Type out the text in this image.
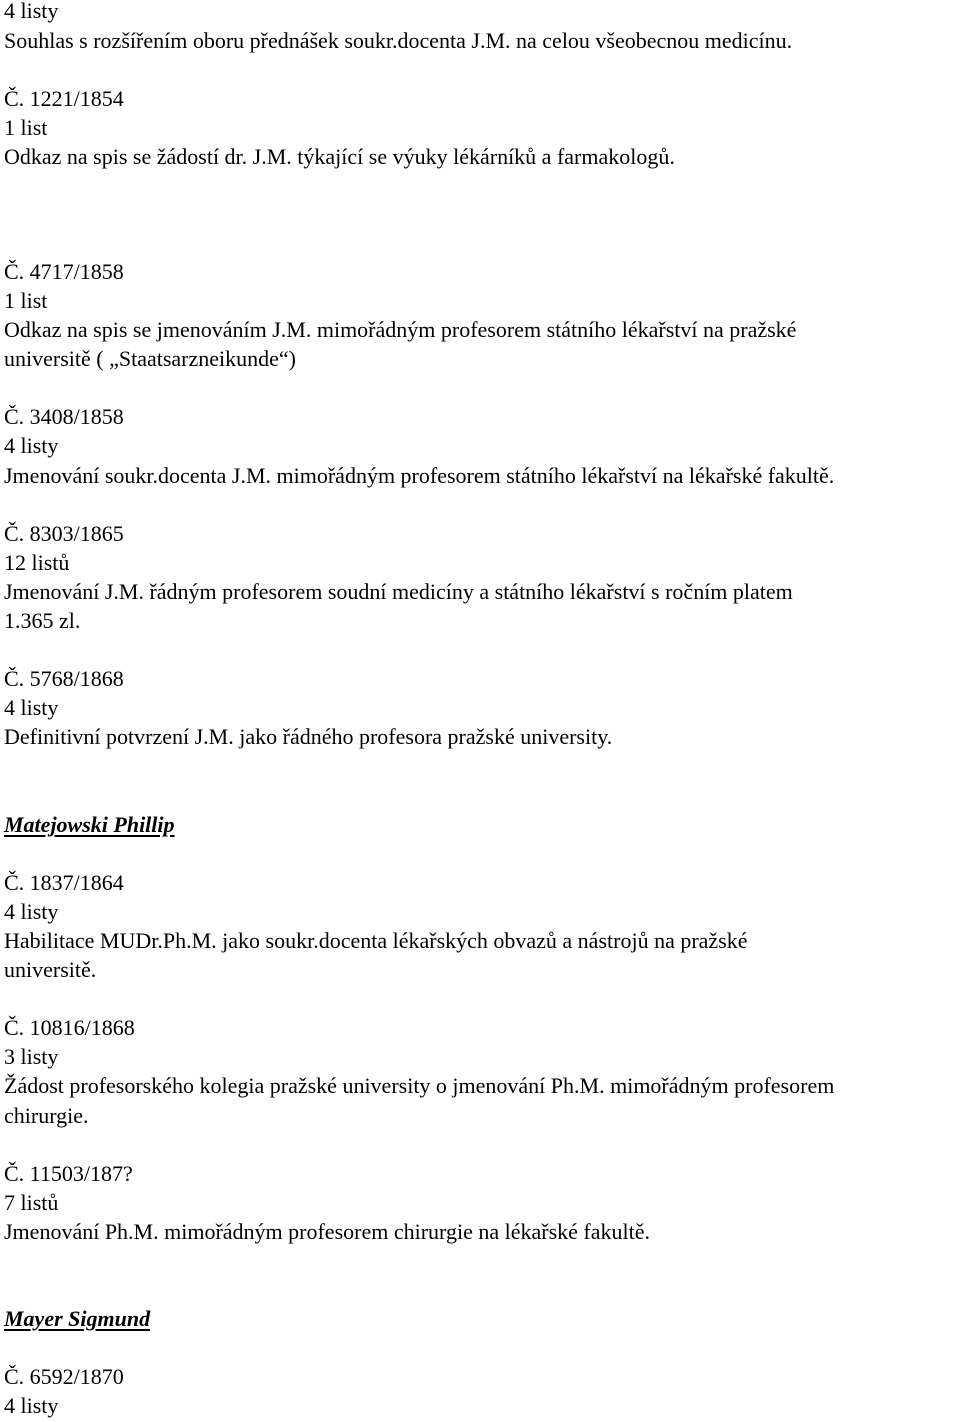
4 listy
Souhlas s rozšířením oboru přednášek soukr.docenta J.M. na celou všeobecnou medicínu.
Č. 1221/1854
1 list
Odkaz na spis se žádostí dr. J.M. týkající se výuky lékárníků a farmakologů.
Č. 4717/1858
1 list
Odkaz na spis se jmenováním J.M. mimořádným profesorem státního lékařství na pražské
universitě ( „Staatsarzneikunde“)
Č. 3408/1858
4 listy
Jmenování soukr.docenta J.M. mimořádným profesorem státního lékařství na lékařské fakultě.
Č. 8303/1865
12 listů
Jmenování J.M. řádným profesorem soudní medicíny a státního lékařství s ročním platem
1.365 zl.
Č. 5768/1868
4 listy
Definitivní potvrzení J.M. jako řádného profesora pražské university.
Matejowski Phillip
Č. 1837/1864
4 listy
Habilitace MUDr.Ph.M. jako soukr.docenta lékařských obvazů a nástrojů na pražské
universitě.
Č. 10816/1868
3 listy
Žádost profesorského kolegia pražské university o jmenování Ph.M. mimořádným profesorem
chirurgie.
Č. 11503/187?
7 listů
Jmenování Ph.M. mimořádným profesorem chirurgie na lékařské fakultě.
Mayer Sigmund
Č. 6592/1870
4 listy
